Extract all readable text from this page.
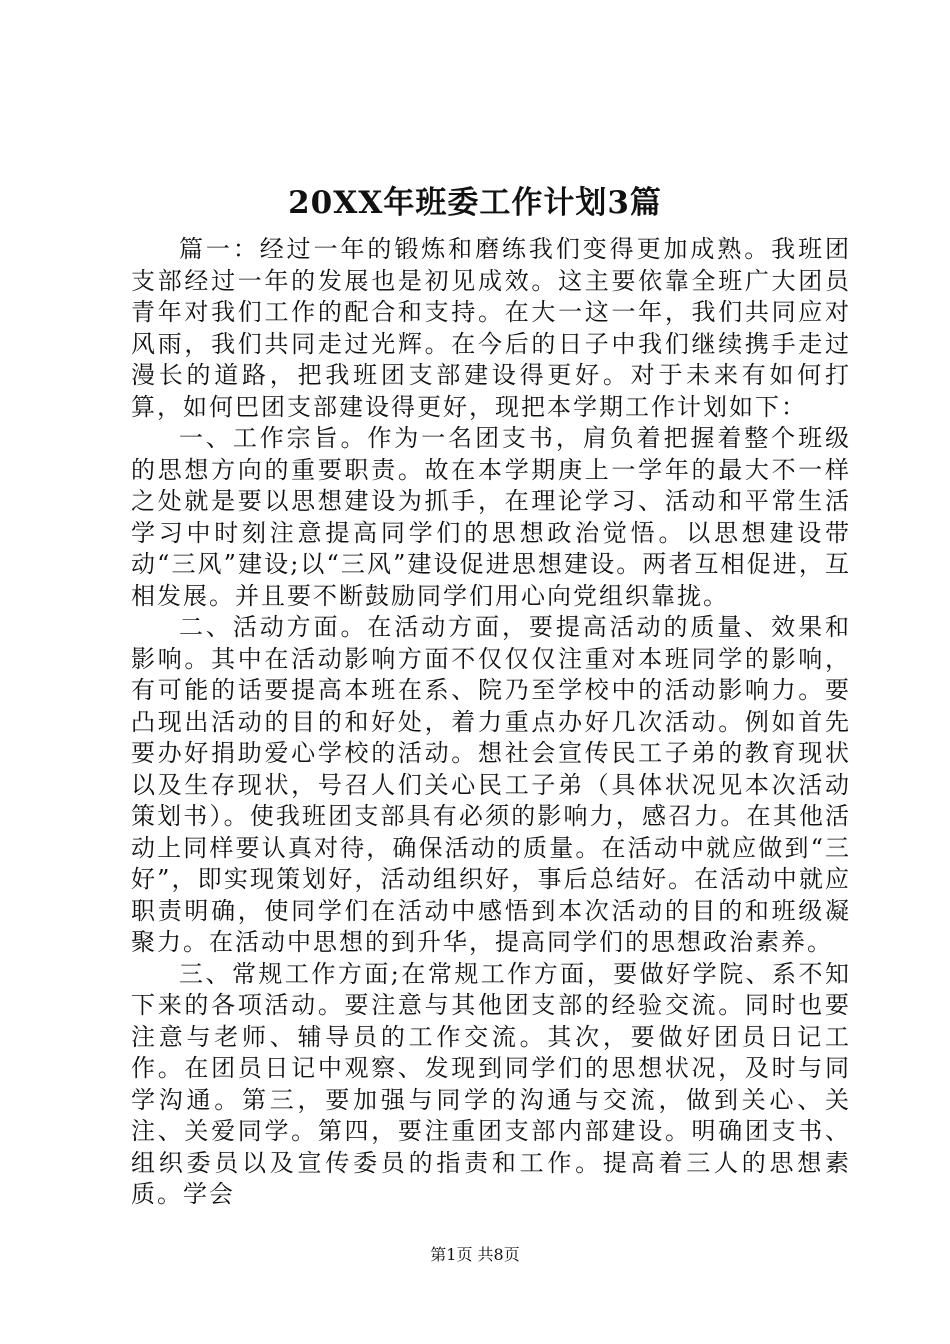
20XX年班委工作计划3篇

篇一：经过一年的锻炼和磨练我们变得更加成熟。我班团支部经过一年的发展也是初见成效。这主要依靠全班广大团员青年对我们工作的配合和支持。在大一这一年，我们共同应对风雨，我们共同走过光辉。在今后的日子中我们继续携手走过漫长的道路，把我班团支部建设得更好。对于未来有如何打算，如何巴团支部建设得更好，现把本学期工作计划如下：

一、工作宗旨。作为一名团支书，肩负着把握着整个班级的思想方向的重要职责。故在本学期庚上一学年的最大不一样之处就是要以思想建设为抓手，在理论学习、活动和平常生活学习中时刻注意提高同学们的思想政治觉悟。以思想建设带动“三风”建设;以“三风”建设促进思想建设。两者互相促进，互相发展。并且要不断鼓励同学们用心向党组织靠拢。

二、活动方面。在活动方面，要提高活动的质量、效果和影响。其中在活动影响方面不仅仅仅注重对本班同学的影响，有可能的话要提高本班在系、院乃至学校中的活动影响力。要凸现出活动的目的和好处，着力重点办好几次活动。例如首先要办好捐助爱心学校的活动。想社会宣传民工子弟的教育现状以及生存现状，号召人们关心民工子弟（具体状况见本次活动策划书）。使我班团支部具有必须的影响力，感召力。在其他活动上同样要认真对待，确保活动的质量。在活动中就应做到“三好”，即实现策划好，活动组织好，事后总结好。在活动中就应职责明确，使同学们在活动中感悟到本次活动的目的和班级凝聚力。在活动中思想的到升华，提高同学们的思想政治素养。

三、常规工作方面;在常规工作方面，要做好学院、系不知下来的各项活动。要注意与其他团支部的经验交流。同时也要注意与老师、辅导员的工作交流。其次，要做好团员日记工作。在团员日记中观察、发现到同学们的思想状况，及时与同学沟通。第三，要加强与同学的沟通与交流，做到关心、关注、关爱同学。第四，要注重团支部内部建设。明确团支书、组织委员以及宣传委员的指责和工作。提高着三人的思想素质。学会

第1页 共8页
